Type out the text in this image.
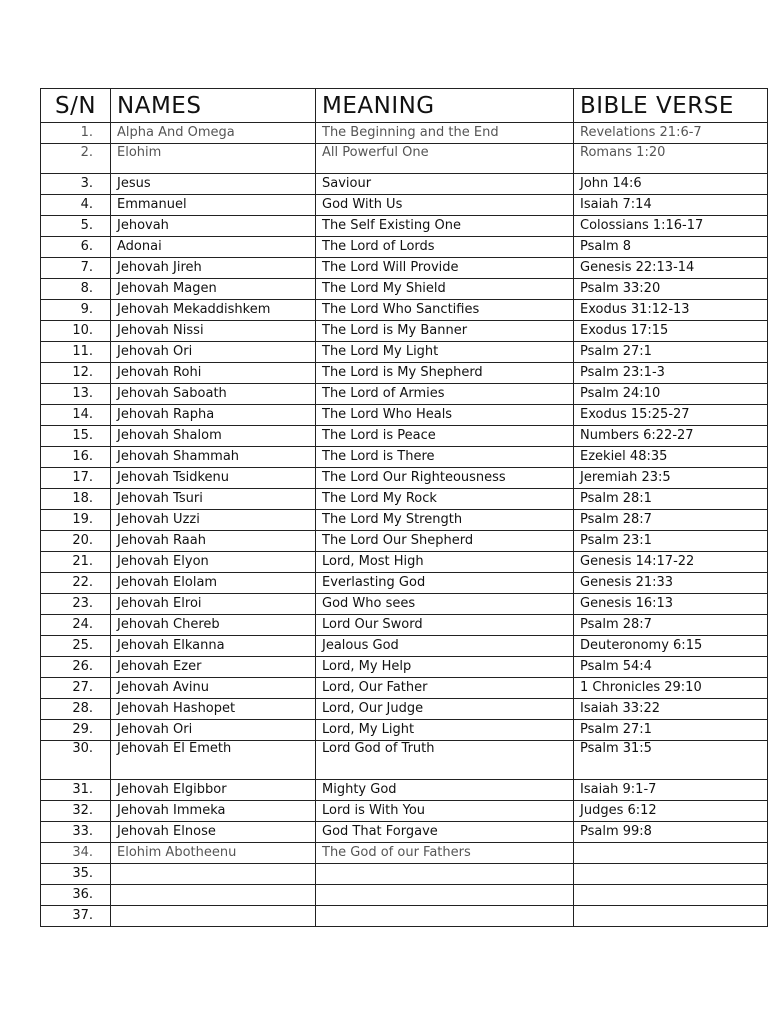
S/N	NAMES	MEANING	BIBLE VERSE
1.	Alpha And Omega	The Beginning and the End	Revelations 21:6-7
2.	Elohim	All Powerful One	Romans 1:20
3.	Jesus	Saviour	John 14:6
4.	Emmanuel	God With Us	Isaiah 7:14
5.	Jehovah	The Self Existing One	Colossians 1:16-17
6.	Adonai	The Lord of Lords	Psalm 8
7.	Jehovah Jireh	The Lord Will Provide	Genesis 22:13-14
8.	Jehovah Magen	The Lord My Shield	Psalm 33:20
9.	Jehovah Mekaddishkem	The Lord Who Sanctifies	Exodus 31:12-13
10.	Jehovah Nissi	The Lord is My Banner	Exodus 17:15
11.	Jehovah Ori	The Lord My Light	Psalm 27:1
12.	Jehovah Rohi	The Lord is My Shepherd	Psalm 23:1-3
13.	Jehovah Saboath	The Lord of Armies	Psalm 24:10
14.	Jehovah Rapha	The Lord Who Heals	Exodus 15:25-27
15.	Jehovah Shalom	The Lord is Peace	Numbers 6:22-27
16.	Jehovah Shammah	The Lord is There	Ezekiel 48:35
17.	Jehovah Tsidkenu	The Lord Our Righteousness	Jeremiah 23:5
18.	Jehovah Tsuri	The Lord My Rock	Psalm 28:1
19.	Jehovah Uzzi	The Lord My Strength	Psalm 28:7
20.	Jehovah Raah	The Lord Our Shepherd	Psalm 23:1
21.	Jehovah Elyon	Lord, Most High	Genesis 14:17-22
22.	Jehovah Elolam	Everlasting God	Genesis 21:33
23.	Jehovah Elroi	God Who sees	Genesis 16:13
24.	Jehovah Chereb	Lord Our Sword	Psalm 28:7
25.	Jehovah Elkanna	Jealous God	Deuteronomy 6:15
26.	Jehovah Ezer	Lord, My Help	Psalm 54:4
27.	Jehovah Avinu	Lord, Our Father	1 Chronicles 29:10
28.	Jehovah Hashopet	Lord, Our Judge	Isaiah 33:22
29.	Jehovah Ori	Lord, My Light	Psalm 27:1
30.	Jehovah El Emeth	Lord God of Truth	Psalm 31:5
31.	Jehovah Elgibbor	Mighty God	Isaiah 9:1-7
32.	Jehovah Immeka	Lord is With You	Judges 6:12
33.	Jehovah Elnose	God That Forgave	Psalm 99:8
34.	Elohim Abotheenu	The God of our Fathers	
35.			
36.			
37.			
